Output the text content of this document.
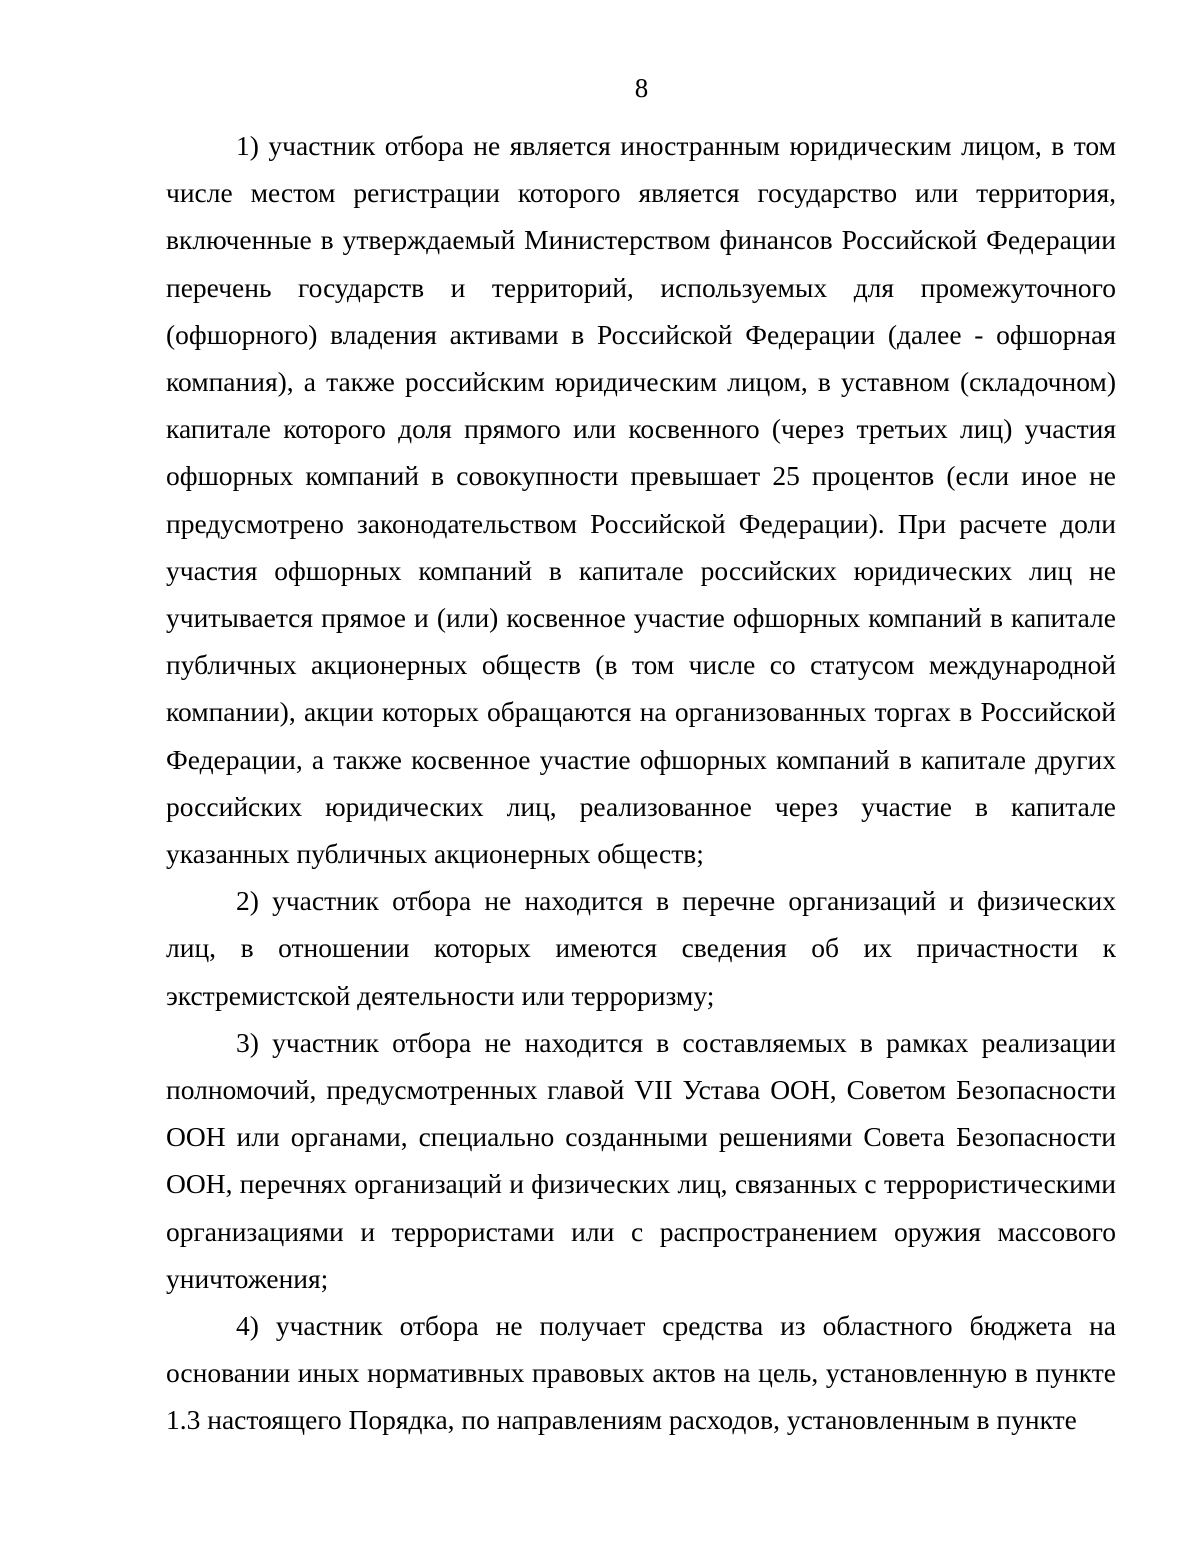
8

1) участник отбора не является иностранным юридическим лицом, в том числе местом регистрации которого является государство или территория, включенные в утверждаемый Министерством финансов Российской Федерации перечень государств и территорий, используемых для промежуточного (офшорного) владения активами в Российской Федерации (далее - офшорная компания), а также российским юридическим лицом, в уставном (складочном) капитале которого доля прямого или косвенного (через третьих лиц) участия офшорных компаний в совокупности превышает 25 процентов (если иное не предусмотрено законодательством Российской Федерации). При расчете доли участия офшорных компаний в капитале российских юридических лиц не учитывается прямое и (или) косвенное участие офшорных компаний в капитале публичных акционерных обществ (в том числе со статусом международной компании), акции которых обращаются на организованных торгах в Российской Федерации, а также косвенное участие офшорных компаний в капитале других российских юридических лиц, реализованное через участие в капитале указанных публичных акционерных обществ;

2) участник отбора не находится в перечне организаций и физических лиц, в отношении которых имеются сведения об их причастности к экстремистской деятельности или терроризму;

3) участник отбора не находится в составляемых в рамках реализации полномочий, предусмотренных главой VII Устава ООН, Советом Безопасности ООН или органами, специально созданными решениями Совета Безопасности ООН, перечнях организаций и физических лиц, связанных с террористическими организациями и террористами или с распространением оружия массового уничтожения;

4) участник отбора не получает средства из областного бюджета на основании иных нормативных правовых актов на цель, установленную в пункте 1.3 настоящего Порядка, по направлениям расходов, установленным в пункте
